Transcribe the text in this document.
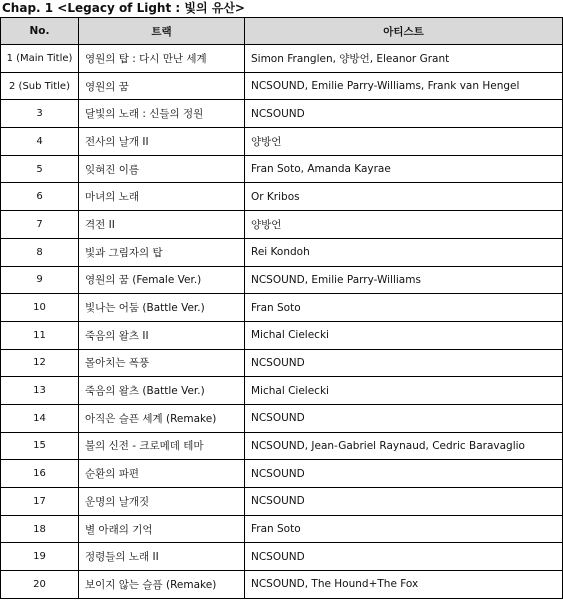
Chap. 1 <Legacy of Light : 빛의 유산>
No.	트랙	아티스트
1 (Main Title)	영원의 탑 : 다시 만난 세계	Simon Franglen, 양방언, Eleanor Grant
2 (Sub Title)	영원의 꿈	NCSOUND, Emilie Parry-Williams, Frank van Hengel
3	달빛의 노래 : 신들의 정원	NCSOUND
4	전사의 날개 II	양방언
5	잊혀진 이름	Fran Soto, Amanda Kayrae
6	마녀의 노래	Or Kribos
7	격전 II	양방언
8	빛과 그림자의 탑	Rei Kondoh
9	영원의 꿈 (Female Ver.)	NCSOUND, Emilie Parry-Williams
10	빛나는 어둠 (Battle Ver.)	Fran Soto
11	죽음의 왈츠 II	Michal Cielecki
12	몰아치는 폭풍	NCSOUND
13	죽음의 왈츠 (Battle Ver.)	Michal Cielecki
14	아직은 슬픈 세계 (Remake)	NCSOUND
15	불의 신전 - 크로메데 테마	NCSOUND, Jean-Gabriel Raynaud, Cedric Baravaglio
16	순환의 파편	NCSOUND
17	운명의 날개짓	NCSOUND
18	별 아래의 기억	Fran Soto
19	정령들의 노래 II	NCSOUND
20	보이지 않는 슬픔 (Remake)	NCSOUND, The Hound+The Fox
